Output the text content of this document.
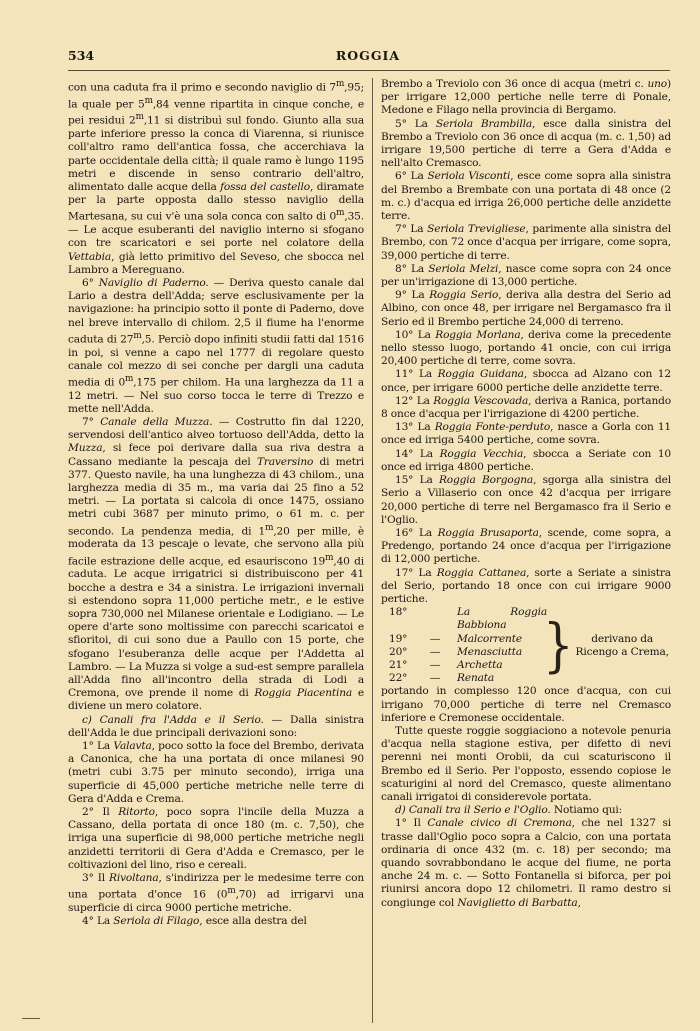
534	ROGGIA

con una caduta fra il primo e secondo naviglio di 7$^m$,95; la quale per 5$^m$,84 venne ripartita in cinque conche, e pei residui 2$^m$,11 si distribuì sul fondo. Giunto alla sua parte inferiore presso la conca di Viarenna, si riunisce coll'altro ramo dell'antica fossa, che accerchiava la parte occidentale della città; il quale ramo è lungo 1195 metri e discende in senso contrario dell'altro, alimentato dalle acque della fossa del castello, diramate per la parte opposta dallo stesso naviglio della Martesana, su cui v'è una sola conca con salto di 0$^m$,35. — Le acque esuberanti del naviglio interno si sfogano con tre scaricatori e sei porte nel colatore della Vettabia, già letto primitivo del Seveso, che sbocca nel Lambro a Mereguano.

6° Naviglio di Paderno. — Deriva questo canale dal Lario a destra dell'Adda; serve esclusivamente per la navigazione: ha principio sotto il ponte di Paderno, dove nel breve intervallo di chilom. 2,5 il fiume ha l'enorme caduta di 27$^m$,5. Perciò dopo infiniti studii fatti dal 1516 in poi, si venne a capo nel 1777 di regolare questo canale col mezzo di sei conche per dargli una caduta media di 0$^m$,175 per chilom. Ha una larghezza da 11 a 12 metri. — Nel suo corso tocca le terre di Trezzo e mette nell'Adda.

7° Canale della Muzza. — Costrutto fin dal 1220, servendosi dell'antico alveo tortuoso dell'Adda, detto la Muzza, si fece poi derivare dalla sua riva destra a Cassano mediante la pescaja del Traversino di metri 377. Questo navile, ha una lunghezza di 43 chilom., una larghezza media di 35 m., ma varia dai 25 fino a 52 metri. — La portata si calcola di once 1475, ossiano metri cubi 3687 per minuto primo, o 61 m. c. per secondo. La pendenza media, di 1$^m$,20 per mille, è moderata da 13 pescaje o levate, che servono alla più facile estrazione delle acque, ed esauriscono 19$^m$,40 di caduta. Le acque irrigatrici si distribuiscono per 41 bocche a destra e 34 a sinistra. Le irrigazioni invernali si estendono sopra 11,000 pertiche metr., e le estive sopra 730,000 nel Milanese orientale e Lodigiano. — Le opere d'arte sono moltissime con parecchi scaricatoi e sfioritoi, di cui sono due a Paullo con 15 porte, che sfogano l'esuberanza delle acque per l'Addetta al Lambro. — La Muzza si volge a sud-est sempre parallela all'Adda fino all'incontro della strada di Lodi a Cremona, ove prende il nome di Roggia Piacentina e diviene un mero colatore.

c) Canali fra l'Adda e il Serio. — Dalla sinistra dell'Adda le due principali derivazioni sono:

1° La Valavta, poco sotto la foce del Brembo, derivata a Canonica, che ha una portata di once milanesi 90 (metri cubi 3.75 per minuto secondo), irriga una superficie di 45,000 pertiche metriche nelle terre di Gera d'Adda e Crema.

2° Il Ritorto, poco sopra l'incile della Muzza a Cassano, della portata di once 180 (m. c. 7,50), che irriga una superficie di 98,000 pertiche metriche negli anzidetti territorii di Gera d'Adda e Cremasco, per le coltivazioni del lino, riso e cereali.

3° Il Rivoltana, s'indirizza per le medesime terre con una portata d'once 16 (0$^m$,70) ad irrigarvi una superficie di circa 9000 pertiche metriche.

4° La Seriola di Filago, esce alla destra del

Brembo a Treviolo con 36 once di acqua (metri c. uno) per irrigare 12,000 pertiche nelle terre di Ponale, Medone e Filago nella provincia di Bergamo.

5° La Seriola Brambilla, esce dalla sinistra del Brembo a Treviolo con 36 once di acqua (m. c. 1,50) ad irrigare 19,500 pertiche di terre a Gera d'Adda e nell'alto Cremasco.

6° La Seriola Visconti, esce come sopra alla sinistra del Brembo a Brembate con una portata di 48 once (2 m. c.) d'acqua ed irriga 26,000 pertiche delle anzidette terre.

7° La Seriola Trevigliese, parimente alla sinistra del Brembo, con 72 once d'acqua per irrigare, come sopra, 39,000 pertiche di terre.

8° La Seriola Melzi, nasce come sopra con 24 once per un'irrigazione di 13,000 pertiche.

9° La Roggia Serio, deriva alla destra del Serio ad Albino, con once 48, per irrigare nel Bergamasco fra il Serio ed il Brembo pertiche 24,000 di terreno.

10° La Roggia Morlana, deriva come la precedente nello stesso luogo, portando 41 oncie, con cui irriga 20,400 pertiche di terre, come sovra.

11° La Roggia Guidana, sbocca ad Alzano con 12 once, per irrigare 6000 pertiche delle anzidette terre.

12° La Roggia Vescovada, deriva a Ranica, portando 8 once d'acqua per l'irrigazione di 4200 pertiche.

13° La Roggia Fonte-perduto, nasce a Gorla con 11 once ed irriga 5400 pertiche, come sovra.

14° La Roggia Vecchia, sbocca a Seriate con 10 once ed irriga 4800 pertiche.

15° La Roggia Borgogna, sgorga alla sinistra del Serio a Villaserio con once 42 d'acqua per irrigare 20,000 pertiche di terre nel Bergamasco fra il Serio e l'Oglio.

16° La Roggia Brusaporta, scende, come sopra, a Predengo, portando 24 once d'acqua per l'irrigazione di 12,000 pertiche.

17° La Roggia Cattanea, sorte a Seriate a sinistra del Serio, portando 18 once con cui irrigare 9000 pertiche.

18°	La Roggia Babbiona
19°	—	Malcorrente
20°	—	Menasciutta
21°	—	Archetta
22°	—	Renata	}	derivano da Ricengo a Crema,

portando in complesso 120 once d'acqua, con cui irrigano 70,000 pertiche di terre nel Cremasco inferiore e Cremonese occidentale.

Tutte queste roggie soggiaciono a notevole penuria d'acqua nella stagione estiva, per difetto di nevi perenni nei monti Orobii, da cui scaturiscono il Brembo ed il Serio. Per l'opposto, essendo copiose le scaturigini al nord del Cremasco, queste alimentano canali irrigatoi di considerevole portata.

d) Canali tra il Serio e l'Oglio. Notiamo qui:

1° Il Canale civico di Cremona, che nel 1327 si trasse dall'Oglio poco sopra a Calcio, con una portata ordinaria di once 432 (m. c. 18) per secondo; ma quando sovrabbondano le acque del fiume, ne porta anche 24 m. c. — Sotto Fontanella si biforca, per poi riunirsi ancora dopo 12 chilometri. Il ramo destro si congiunge col Naviglietto di Barbatta,
